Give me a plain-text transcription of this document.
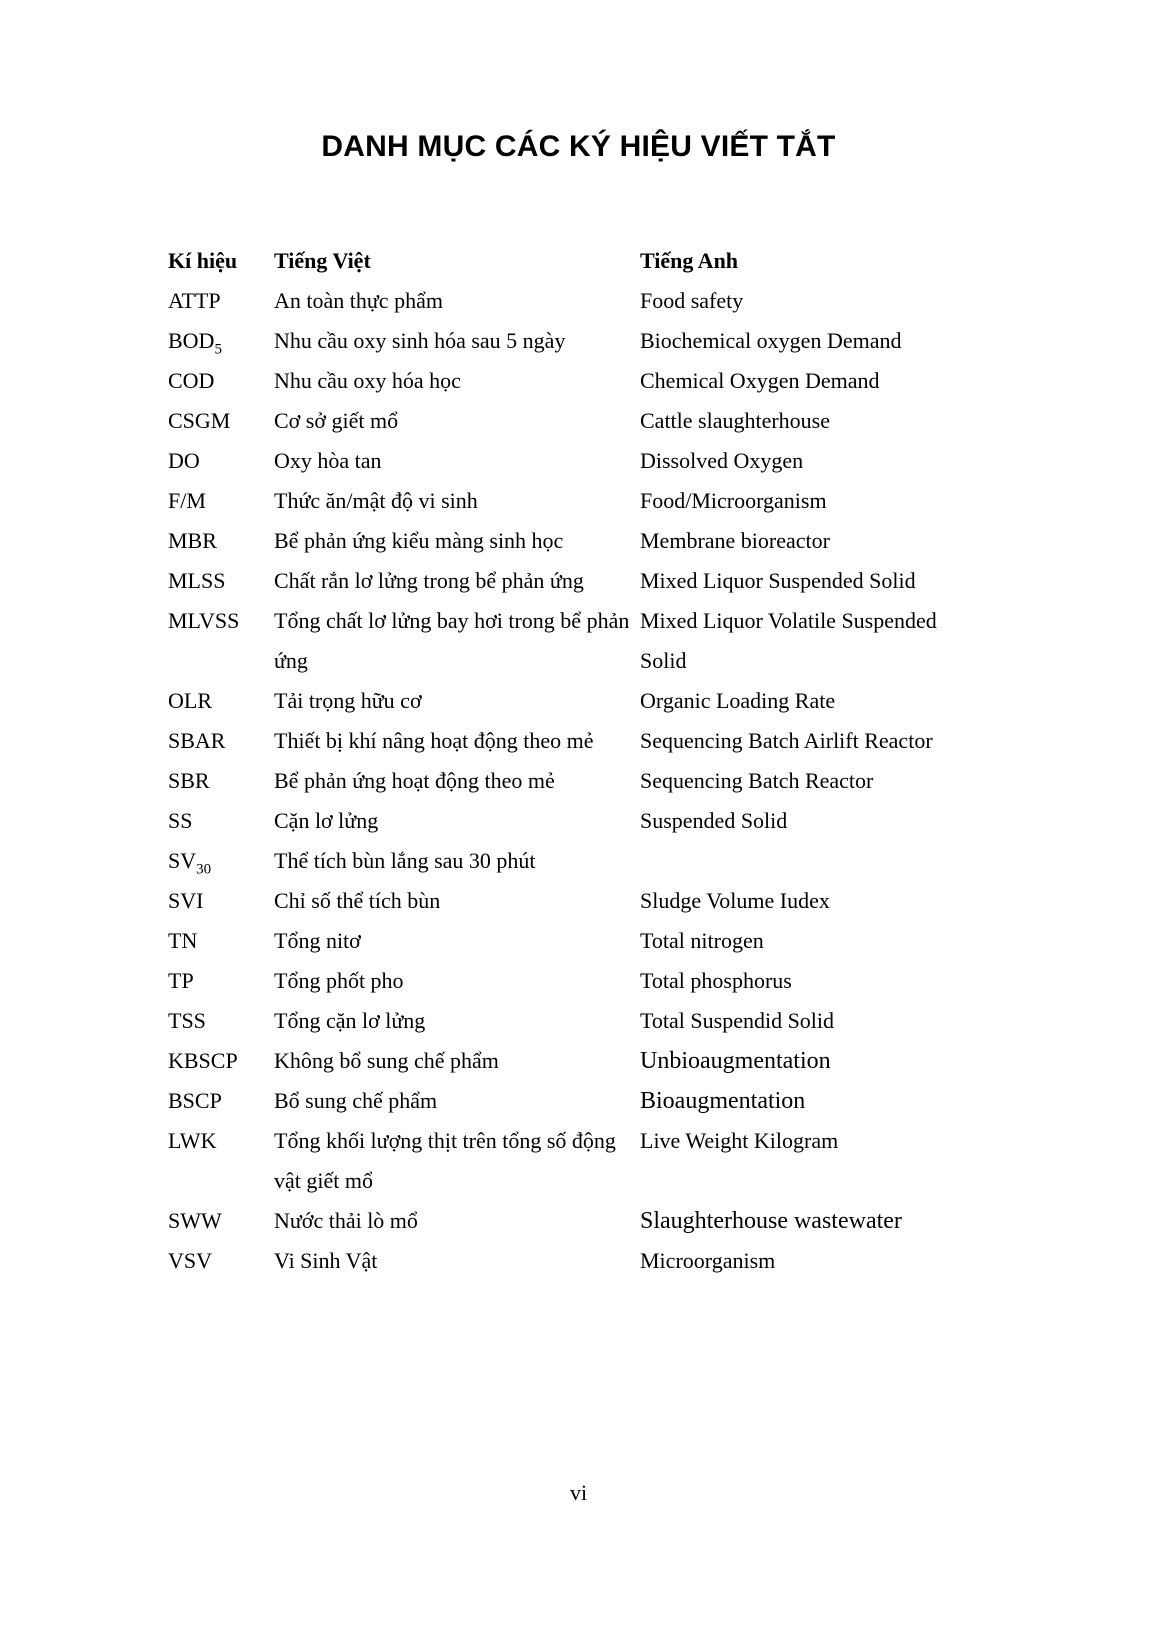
DANH MỤC CÁC KÝ HIỆU VIẾT TẮT
Kí hiệu	Tiếng Việt	Tiếng Anh
ATTP	An toàn thực phẩm	Food safety
$BOD_5$	Nhu cầu oxy sinh hóa sau 5 ngày	Biochemical oxygen Demand
COD	Nhu cầu oxy hóa học	Chemical Oxygen Demand
CSGM	Cơ sở giết mổ	Cattle slaughterhouse
DO	Oxy hòa tan	Dissolved Oxygen
F/M	Thức ăn/mật độ vi sinh	Food/Microorganism
MBR	Bể phản ứng kiểu màng sinh học	Membrane bioreactor
MLSS	Chất rắn lơ lửng trong bể phản ứng	Mixed Liquor Suspended Solid
MLVSS	Tổng chất lơ lửng bay hơi trong bể phản ứng	Mixed Liquor Volatile Suspended Solid
OLR	Tải trọng hữu cơ	Organic Loading Rate
SBAR	Thiết bị khí nâng hoạt động theo mẻ	Sequencing Batch Airlift Reactor
SBR	Bể phản ứng hoạt động theo mẻ	Sequencing Batch Reactor
SS	Cặn lơ lửng	Suspended Solid
$SV_{30}$	Thể tích bùn lắng sau 30 phút	
SVI	Chỉ số thể tích bùn	Sludge Volume Iudex
TN	Tổng nitơ	Total nitrogen
TP	Tổng phốt pho	Total phosphorus
TSS	Tổng cặn lơ lửng	Total Suspendid Solid
KBSCP	Không bổ sung chế phẩm	Unbioaugmentation
BSCP	Bổ sung chế phẩm	Bioaugmentation
LWK	Tổng khối lượng thịt trên tổng số động vật giết mổ	Live Weight Kilogram
SWW	Nước thải lò mổ	Slaughterhouse wastewater
VSV	Vi Sinh Vật	Microorganism
vi
